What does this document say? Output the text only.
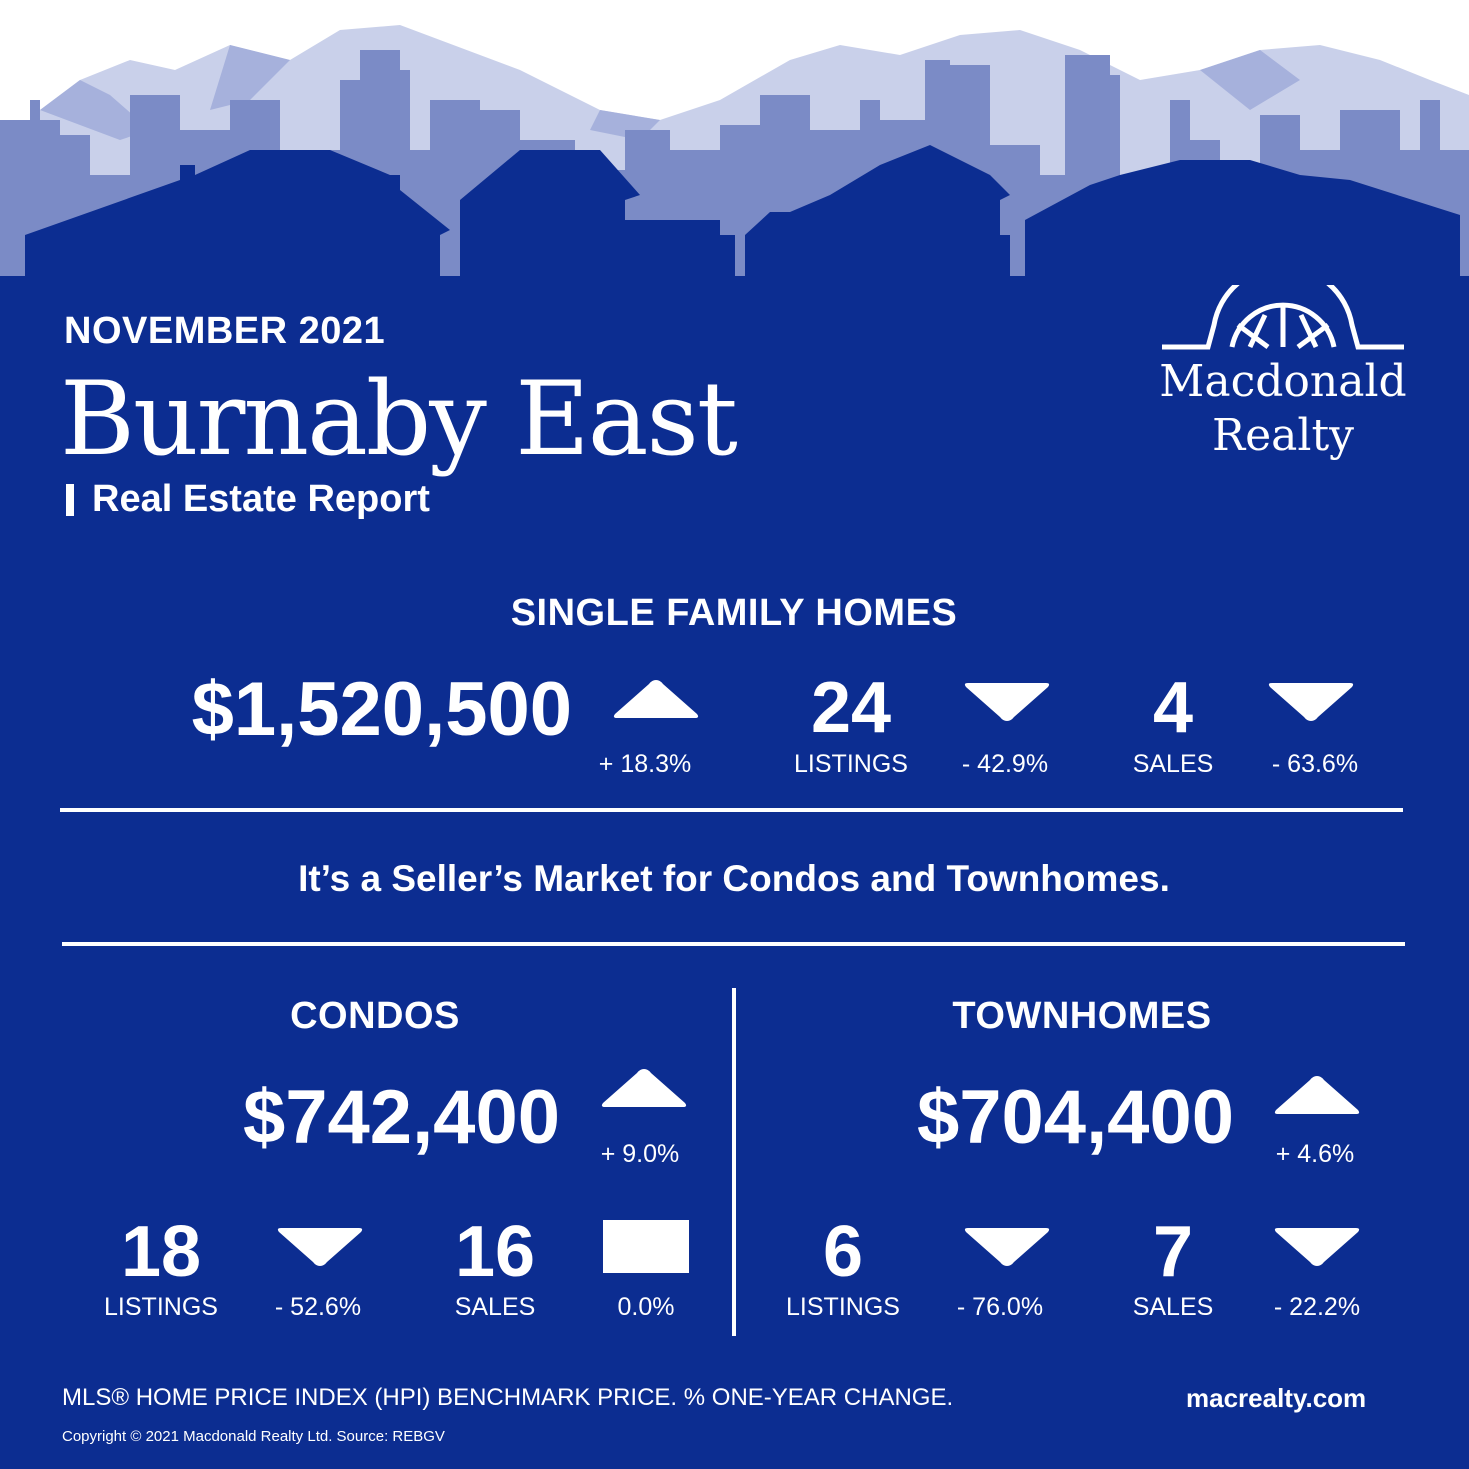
NOVEMBER 2021
Burnaby East
Real Estate Report
Macdonald
Realty
SINGLE FAMILY HOMES
$1,520,500
+ 18.3%
24
LISTINGS	- 42.9%
4
SALES	- 63.6%
It’s a Seller’s Market for Condos and Townhomes.
CONDOS
$742,400	+ 9.0%
18
LISTINGS	- 52.6%
16
SALES	0.0%
TOWNHOMES
$704,400	+ 4.6%
6
LISTINGS	- 76.0%
7
SALES	- 22.2%
MLS® HOME PRICE INDEX (HPI) BENCHMARK PRICE. % ONE-YEAR CHANGE.	macrealty.com
Copyright © 2021 Macdonald Realty Ltd. Source: REBGV
